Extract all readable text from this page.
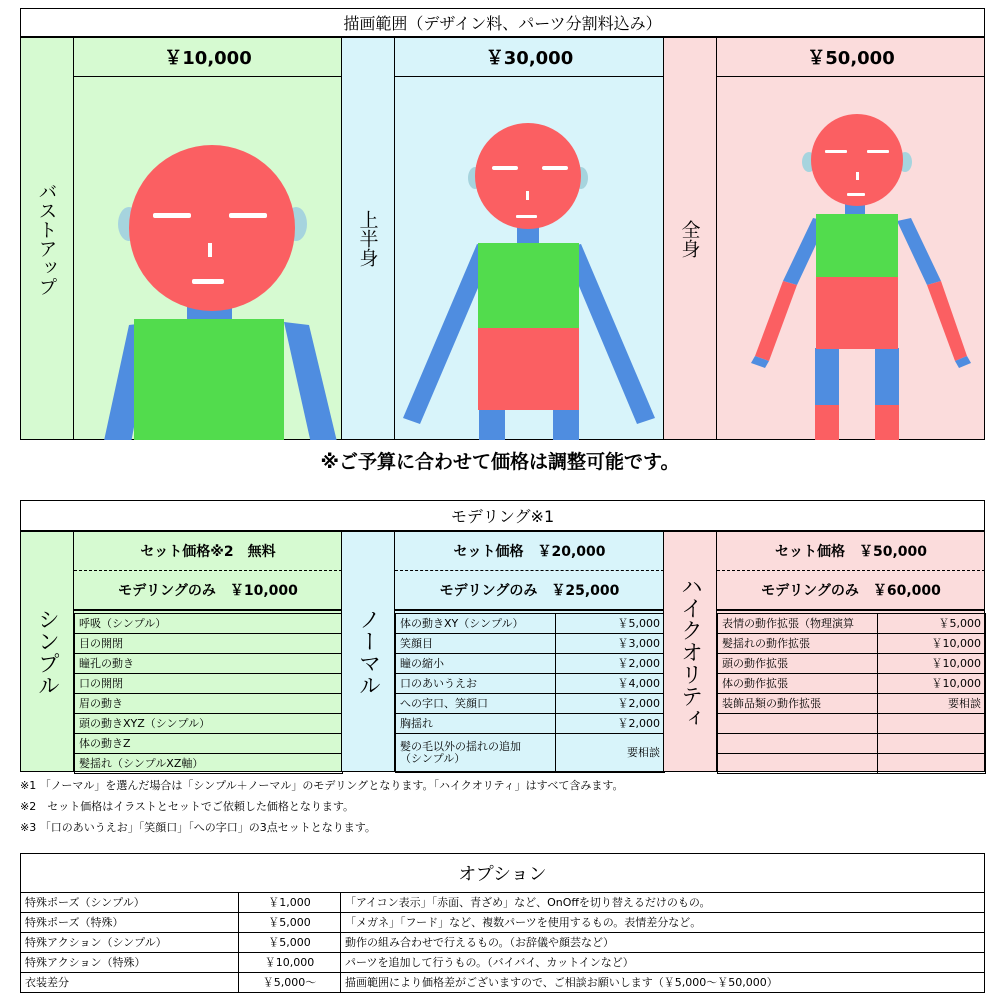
描画範囲（デザイン料、パーツ分割料込み）
バストアップ
￥10,000
上半身
￥30,000
全身
￥50,000
※ご予算に合わせて価格は調整可能です。
モデリング※1
シンプル
セット価格※2　無料
モデリングのみ　￥10,000
呼吸（シンプル）
目の開閉
瞳孔の動き
口の開閉
眉の動き
頭の動きXYZ（シンプル）
体の動きZ
髪揺れ（シンプルXZ軸）
ノーマル
セット価格　￥20,000
モデリングのみ　￥25,000
体の動きXY（シンプル）	￥5,000
笑顔目	￥3,000
瞳の縮小	￥2,000
口のあいうえお	￥4,000
への字口、笑顔口	￥2,000
胸揺れ	￥2,000
髪の毛以外の揺れの追加
（シンプル）	要相談
ハイクオリティ
セット価格　￥50,000
モデリングのみ　￥60,000
表情の動作拡張（物理演算	￥5,000
髪揺れの動作拡張	￥10,000
頭の動作拡張	￥10,000
体の動作拡張	￥10,000
装飾品類の動作拡張	要相談

※1 「ノーマル」を選んだ場合は「シンプル＋ノーマル」のモデリングとなります。「ハイクオリティ」はすべて含みます。
※2　セット価格はイラストとセットでご依頼した価格となります。
※3 「口のあいうえお」「笑顔口」「への字口」の3点セットとなります。
オプション
特殊ポーズ（シンプル）	￥1,000	「アイコン表示」「赤面、青ざめ」など、OnOffを切り替えるだけのもの。
特殊ポーズ（特殊）	￥5,000	「メガネ」「フード」など、複数パーツを使用するもの。表情差分など。
特殊アクション（シンプル）	￥5,000	動作の組み合わせで行えるもの。（お辞儀や顔芸など）
特殊アクション（特殊）	￥10,000	パーツを追加して行うもの。（バイバイ、カットインなど）
衣装差分	￥5,000～	描画範囲により価格差がございますので、ご相談お願いします（￥5,000～￥50,000）
